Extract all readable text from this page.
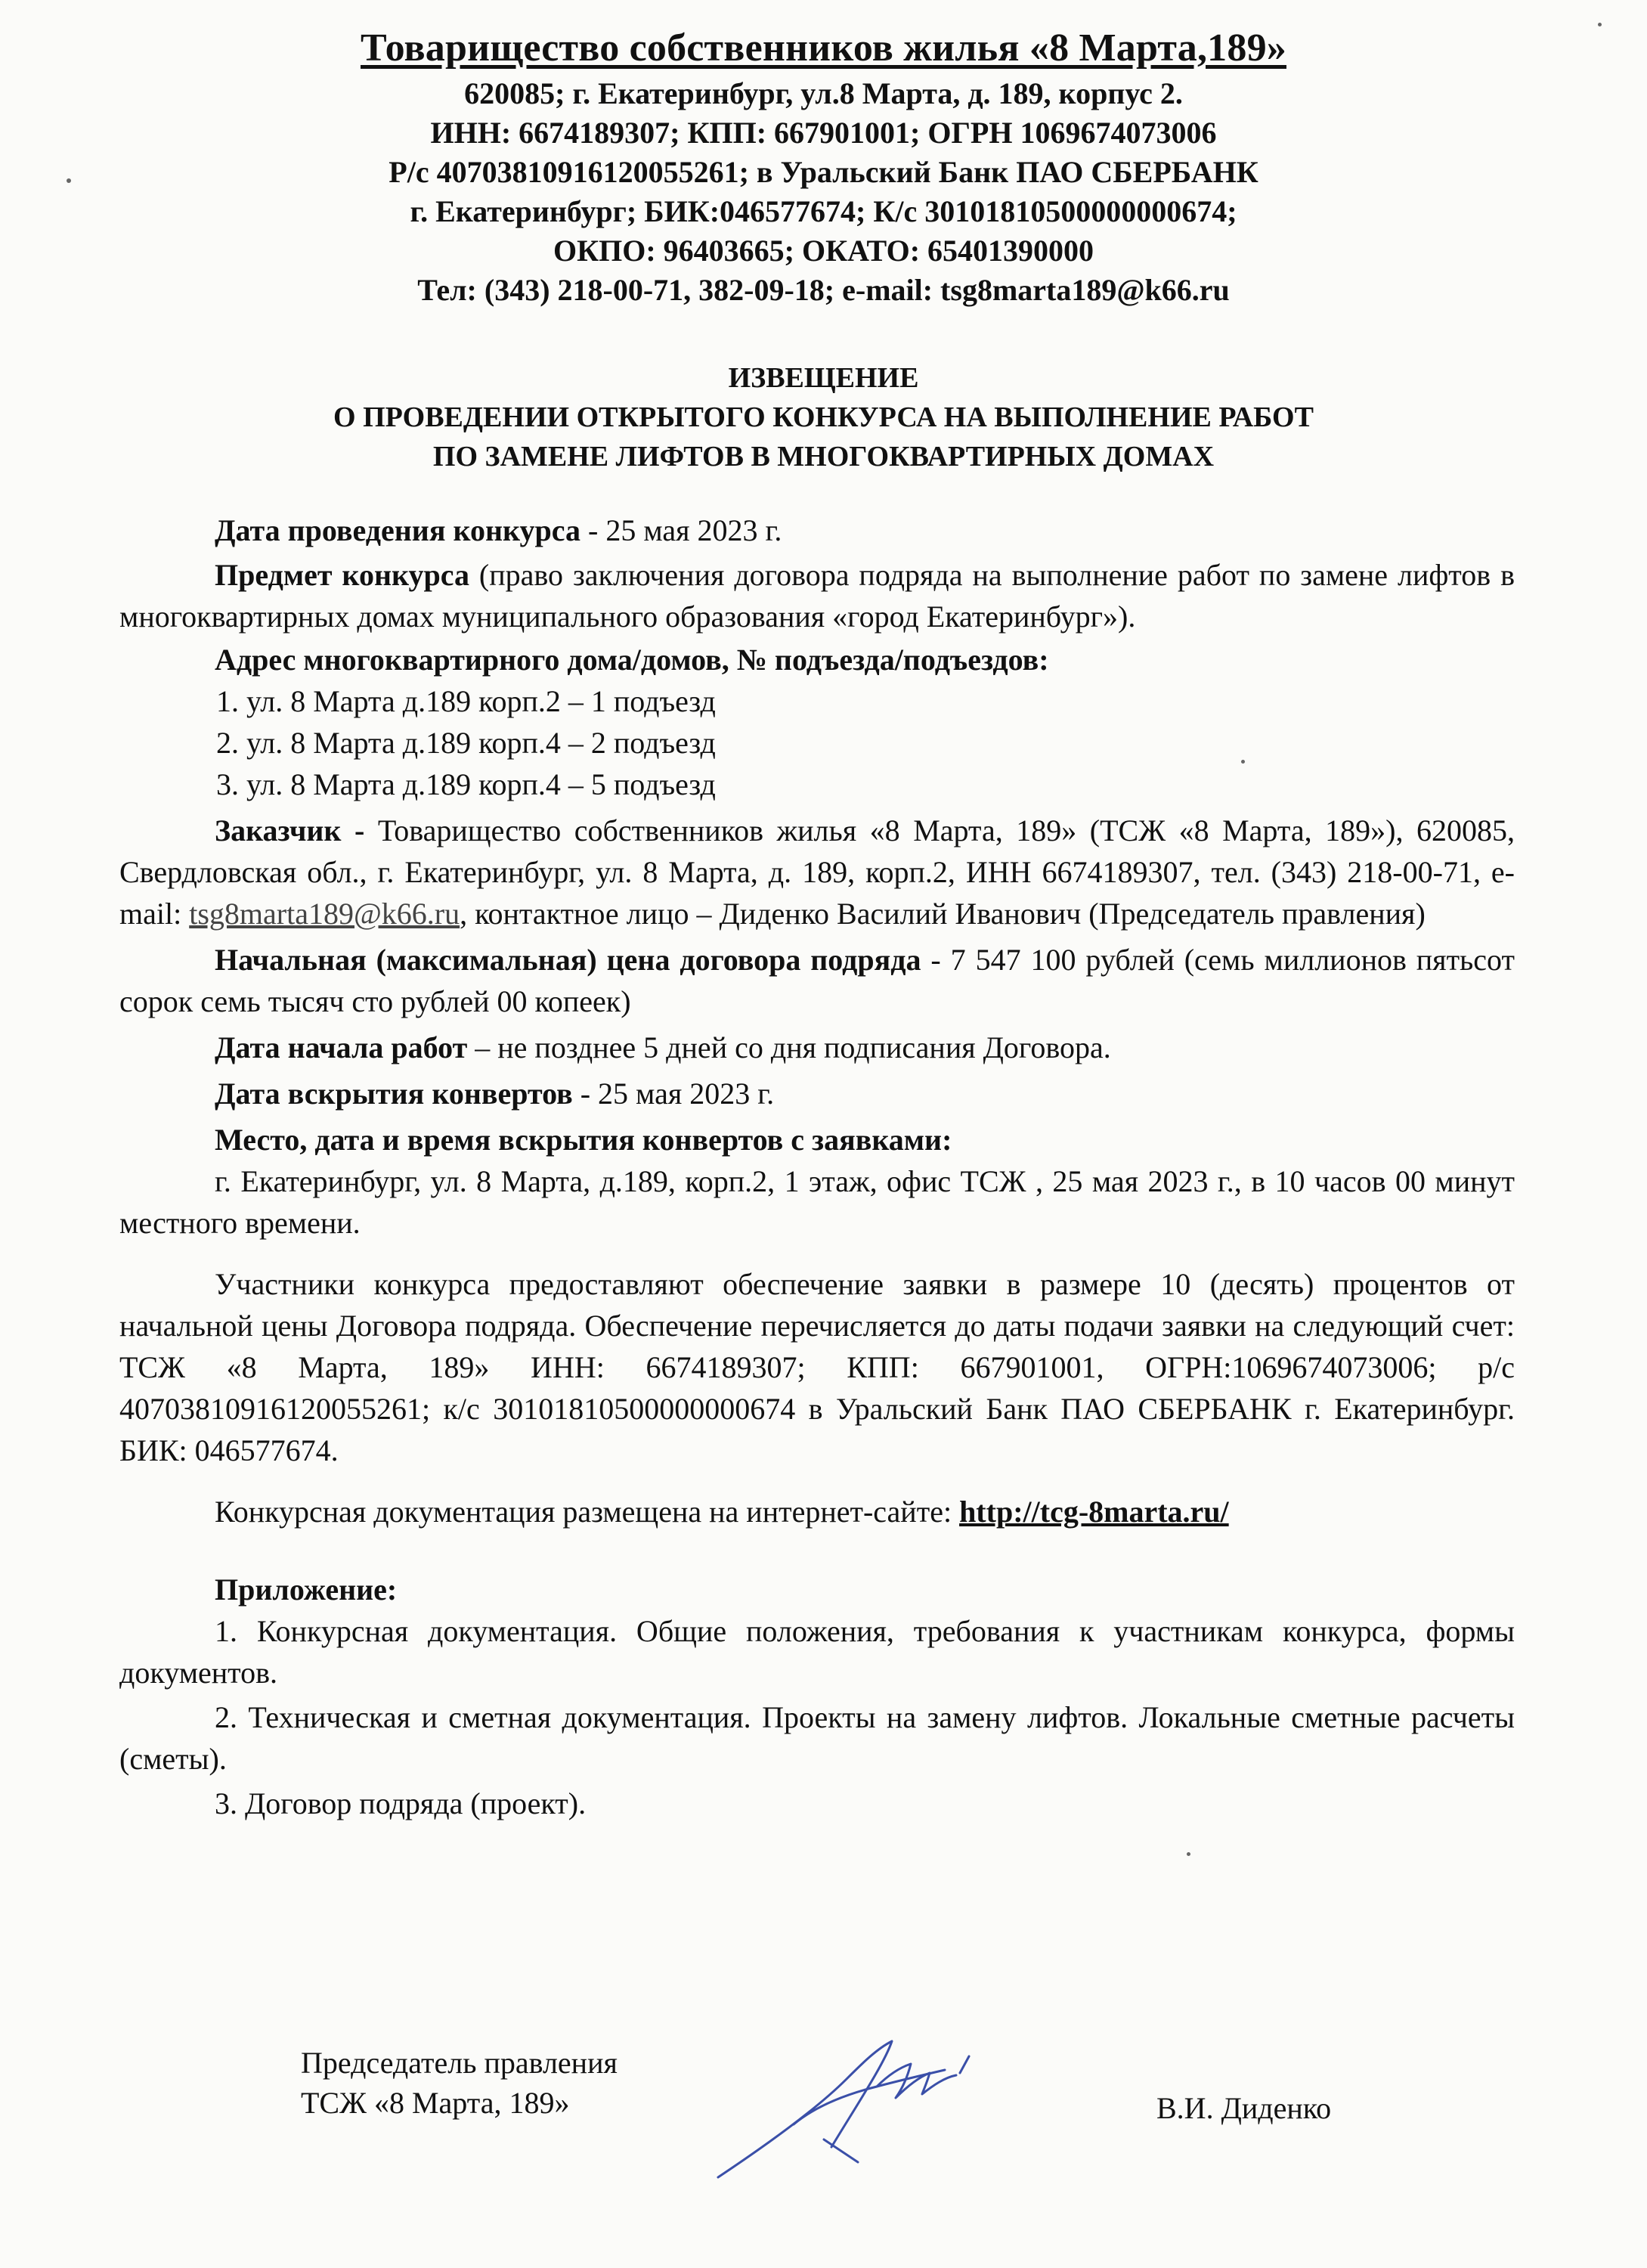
Товарищество собственников жилья «8 Марта,189»
620085; г. Екатеринбург, ул.8 Марта, д. 189, корпус 2.
ИНН: 6674189307; КПП: 667901001; ОГРН 1069674073006
Р/с 40703810916120055261; в Уральский Банк ПАО СБЕРБАНК
г. Екатеринбург; БИК:046577674; К/с 30101810500000000674;
ОКПО: 96403665; ОКАТО: 65401390000
Тел: (343) 218-00-71, 382-09-18; e-mail: tsg8marta189@k66.ru
ИЗВЕЩЕНИЕ
О ПРОВЕДЕНИИ ОТКРЫТОГО КОНКУРСА НА ВЫПОЛНЕНИЕ РАБОТ
ПО ЗАМЕНЕ ЛИФТОВ В МНОГОКВАРТИРНЫХ ДОМАХ

Дата проведения конкурса - 25 мая 2023 г.

Предмет конкурса (право заключения договора подряда на выполнение работ по замене лифтов в многоквартирных домах муниципального образования «город Екатеринбург»).

Адрес многоквартирного дома/домов, № подъезда/подъездов:

1. ул. 8 Марта д.189 корп.2 – 1 подъезд

2. ул. 8 Марта д.189 корп.4 – 2 подъезд

3. ул. 8 Марта д.189 корп.4 – 5 подъезд

Заказчик - Товарищество собственников жилья «8 Марта, 189» (ТСЖ «8 Марта, 189»), 620085, Свердловская обл., г. Екатеринбург, ул. 8 Марта, д. 189, корп.2, ИНН 6674189307, тел. (343) 218-00-71, e-mail: tsg8marta189@k66.ru, контактное лицо – Диденко Василий Иванович (Председатель правления)

Начальная (максимальная) цена договора подряда - 7 547 100 рублей (семь миллионов пятьсот сорок семь тысяч сто рублей 00 копеек)

Дата начала работ – не позднее 5 дней со дня подписания Договора.

Дата вскрытия конвертов - 25 мая 2023 г.

Место, дата и время вскрытия конвертов с заявками:

г. Екатеринбург, ул. 8 Марта, д.189, корп.2, 1 этаж, офис ТСЖ , 25 мая 2023 г., в 10 часов 00 минут местного времени.

Участники конкурса предоставляют обеспечение заявки в размере 10 (десять) процентов от начальной цены Договора подряда. Обеспечение перечисляется до даты подачи заявки на следующий счет: ТСЖ «8 Марта, 189» ИНН: 6674189307; КПП: 667901001, ОГРН:1069674073006; р/с 40703810916120055261; к/с 30101810500000000674 в Уральский Банк ПАО СБЕРБАНК г. Екатеринбург. БИК: 046577674.

Конкурсная документация размещена на интернет-сайте: http://tcg-8marta.ru/

Приложение:

1. Конкурсная документация. Общие положения, требования к участникам конкурса, формы документов.

2. Техническая и сметная документация. Проекты на замену лифтов. Локальные сметные расчеты (сметы).

3. Договор подряда (проект).

Председатель правления
ТСЖ «8 Марта, 189»	В.И. Диденко
